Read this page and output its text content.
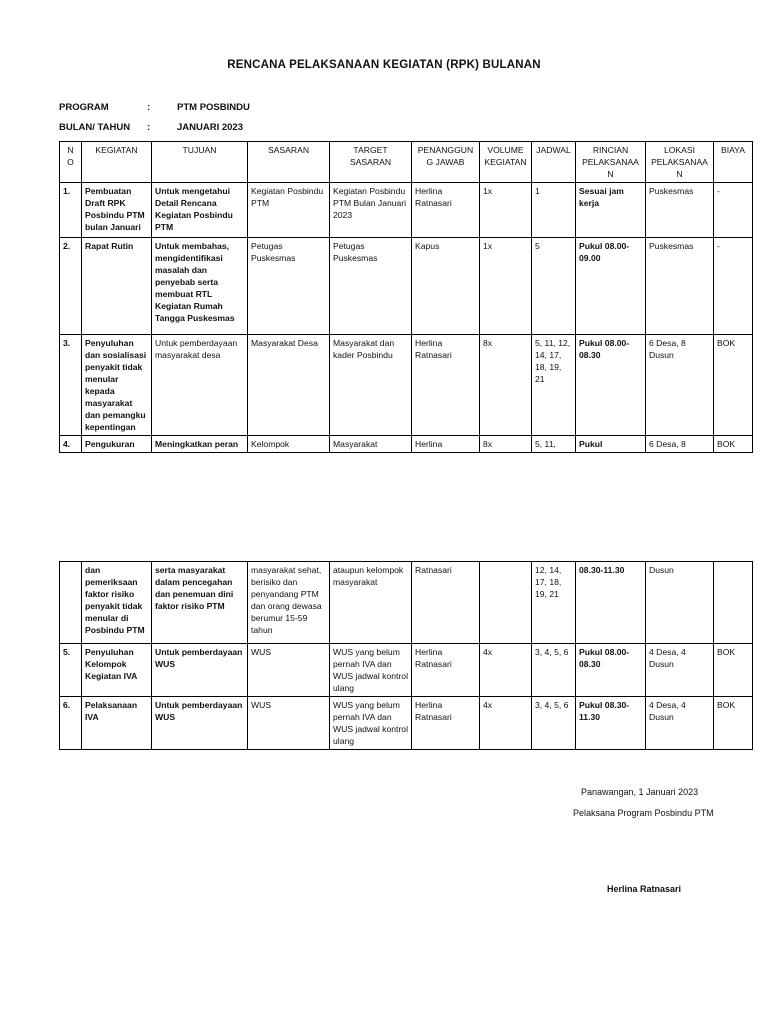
RENCANA PELAKSANAAN KEGIATAN (RPK) BULANAN
PROGRAM	:	PTM POSBINDU
BULAN/ TAHUN :	JANUARI 2023
N O	KEGIATAN	TUJUAN	SASARAN	TARGET SASARAN	PENANGGUN G JAWAB	VOLUME KEGIATAN	JADWAL	RINCIAN PELAKSANAA N	LOKASI PELAKSANAA N	BIAYA
1.	Pembuatan Draft RPK Posbindu PTM bulan Januari	Untuk mengetahui Detail Rencana Kegiatan Posbindu PTM	Kegiatan Posbindu PTM	Kegiatan Posbindu PTM Bulan Januari 2023	Herlina Ratnasari	1x	1	Sesuai jam kerja	Puskesmas	-
2.	Rapat Rutin	Untuk membahas, mengidentifikasi masalah dan penyebab serta membuat RTL Kegiatan Rumah Tangga Puskesmas	Petugas Puskesmas	Petugas Puskesmas	Kapus	1x	5	Pukul 08.00-09.00	Puskesmas	-
3.	Penyuluhan dan sosialisasi penyakit tidak menular kepada masyarakat dan pemangku kepentingan	Untuk pemberdayaan masyarakat desa	Masyarakat Desa	Masyarakat dan kader Posbindu	Herlina Ratnasari	8x	5, 11, 12, 14, 17, 18, 19, 21	Pukul 08.00-08.30	6 Desa, 8 Dusun	BOK
4.	Pengukuran	Meningkatkan peran	Kelompok	Masyarakat	Herlina	8x	5, 11,	Pukul	6 Desa, 8	BOK
	dan pemeriksaan faktor risiko penyakit tidak menular di Posbindu PTM	serta masyarakat dalam pencegahan dan penemuan dini faktor risiko PTM	masyarakat sehat, berisiko dan penyandang PTM dan orang dewasa berumur 15-59 tahun	ataupun kelompok masyarakat	Ratnasari		12, 14, 17, 18, 19, 21	08.30-11.30	Dusun	
5.	Penyuluhan Kelompok Kegiatan IVA	Untuk pemberdayaan WUS	WUS	WUS yang belum pernah IVA dan WUS jadwal kontrol ulang	Herlina Ratnasari	4x	3, 4, 5, 6	Pukul 08.00-08.30	4 Desa, 4 Dusun	BOK
6.	Pelaksanaan IVA	Untuk pemberdayaan WUS	WUS	WUS yang belum pernah IVA dan WUS jadwal kontrol ulang	Herlina Ratnasari	4x	3, 4, 5, 6	Pukul 08.30-11.30	4 Desa, 4 Dusun	BOK
Panawangan, 1 Januari 2023
Pelaksana Program Posbindu PTM
Herlina Ratnasari
